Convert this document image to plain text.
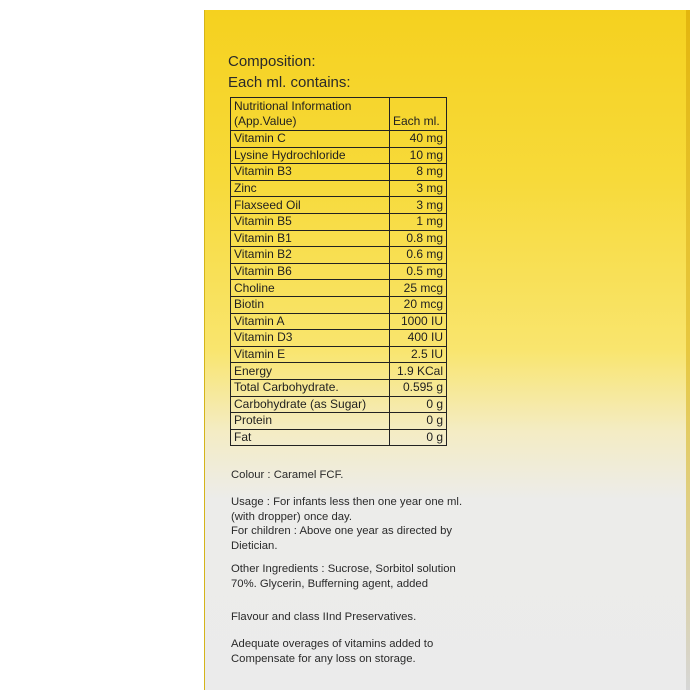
Composition:
Each ml. contains:
Nutritional Information
(App.Value)	Each ml.
Vitamin C	40 mg
Lysine Hydrochloride	10 mg
Vitamin B3	8 mg
Zinc	3 mg
Flaxseed Oil	3 mg
Vitamin B5	1 mg
Vitamin B1	0.8 mg
Vitamin B2	0.6 mg
Vitamin B6	0.5 mg
Choline	25 mcg
Biotin	20 mcg
Vitamin A	1000 IU
Vitamin D3	400 IU
Vitamin E	2.5 IU
Energy	1.9 KCal
Total Carbohydrate.	0.595 g
Carbohydrate (as Sugar)	0 g
Protein	0 g
Fat	0 g
Colour : Caramel FCF.
Usage : For infants less then one year one ml.
(with dropper) once day.
For children : Above one year as directed by
Dietician.
Other Ingredients : Sucrose, Sorbitol solution
70%. Glycerin, Bufferning agent, added
Flavour and class IInd Preservatives.
Adequate overages of vitamins added to
Compensate for any loss on storage.
